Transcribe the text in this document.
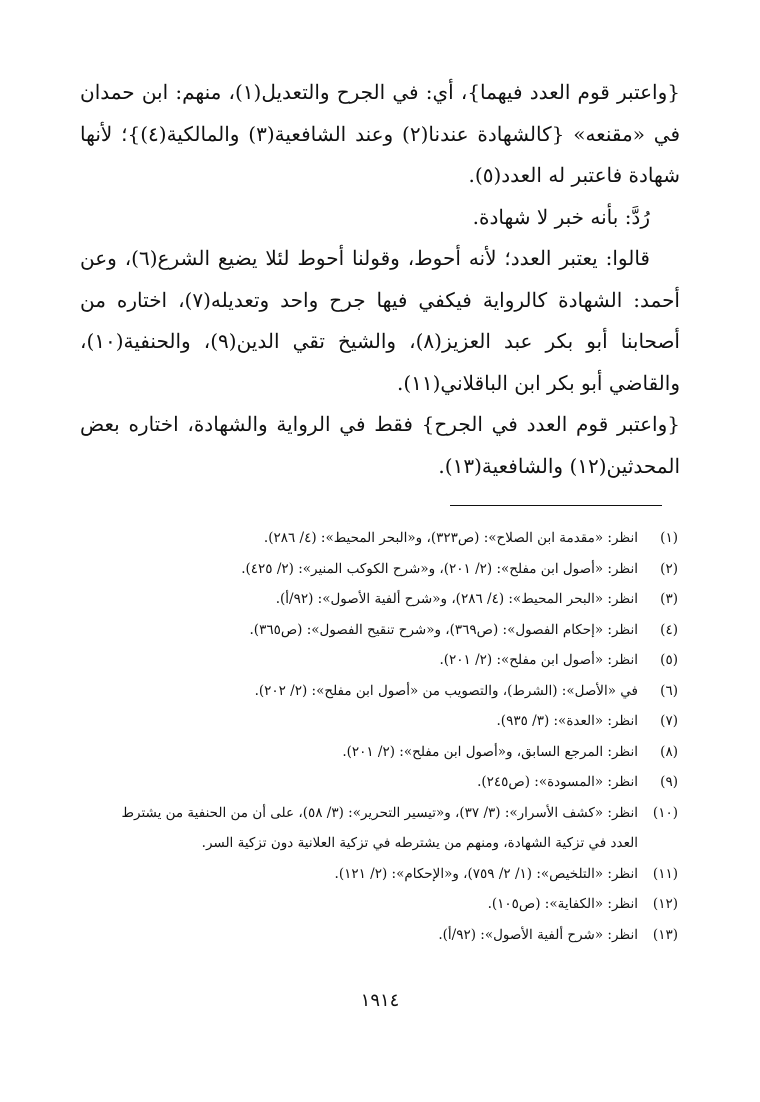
{واعتبر قوم العدد فيهما}، أي: في الجرح والتعديل(١)، منهم: ابن حمدان في «مقنعه» {كالشهادة عندنا(٢) وعند الشافعية(٣) والمالكية(٤)}؛ لأنها شهادة فاعتبر له العدد(٥).

رُدَّ: بأنه خبر لا شهادة.

قالوا: يعتبر العدد؛ لأنه أحوط، وقولنا أحوط لئلا يضيع الشرع(٦)، وعن أحمد: الشهادة كالرواية فيكفي فيها جرح واحد وتعديله(٧)، اختاره من أصحابنا أبو بكر عبد العزيز(٨)، والشيخ تقي الدين(٩)، والحنفية(١٠)، والقاضي أبو بكر ابن الباقلاني(١١).

{واعتبر قوم العدد في الجرح} فقط في الرواية والشهادة، اختاره بعض المحدثين(١٢) والشافعية(١٣).

(١)
انظر: «مقدمة ابن الصلاح»: (ص٣٢٣)، و«البحر المحيط»: (٤/ ٢٨٦).
(٢)
انظر: «أصول ابن مفلح»: (٢/ ٢٠١)، و«شرح الكوكب المنير»: (٢/ ٤٢٥).
(٣)
انظر: «البحر المحيط»: (٤/ ٢٨٦)، و«شرح ألفية الأصول»: (٩٢/أ).
(٤)
انظر: «إحكام الفصول»: (ص٣٦٩)، و«شرح تنقيح الفصول»: (ص٣٦٥).
(٥)
انظر: «أصول ابن مفلح»: (٢/ ٢٠١).
(٦)
في «الأصل»: (الشرط)، والتصويب من «أصول ابن مفلح»: (٢/ ٢٠٢).
(٧)
انظر: «العدة»: (٣/ ٩٣٥).
(٨)
انظر: المرجع السابق، و«أصول ابن مفلح»: (٢/ ٢٠١).
(٩)
انظر: «المسودة»: (ص٢٤٥).
(١٠)
انظر: «كشف الأسرار»: (٣/ ٣٧)، و«تيسير التحرير»: (٣/ ٥٨)، على أن من الحنفية من يشترط العدد في تزكية الشهادة، ومنهم من يشترطه في تزكية العلانية دون تزكية السر.
(١١)
انظر: «التلخيص»: (١/ ٢/ ٧٥٩)، و«الإحكام»: (٢/ ١٢١).
(١٢)
انظر: «الكفاية»: (ص١٠٥).
(١٣)
انظر: «شرح ألفية الأصول»: (٩٢/أ).
١٩١٤
